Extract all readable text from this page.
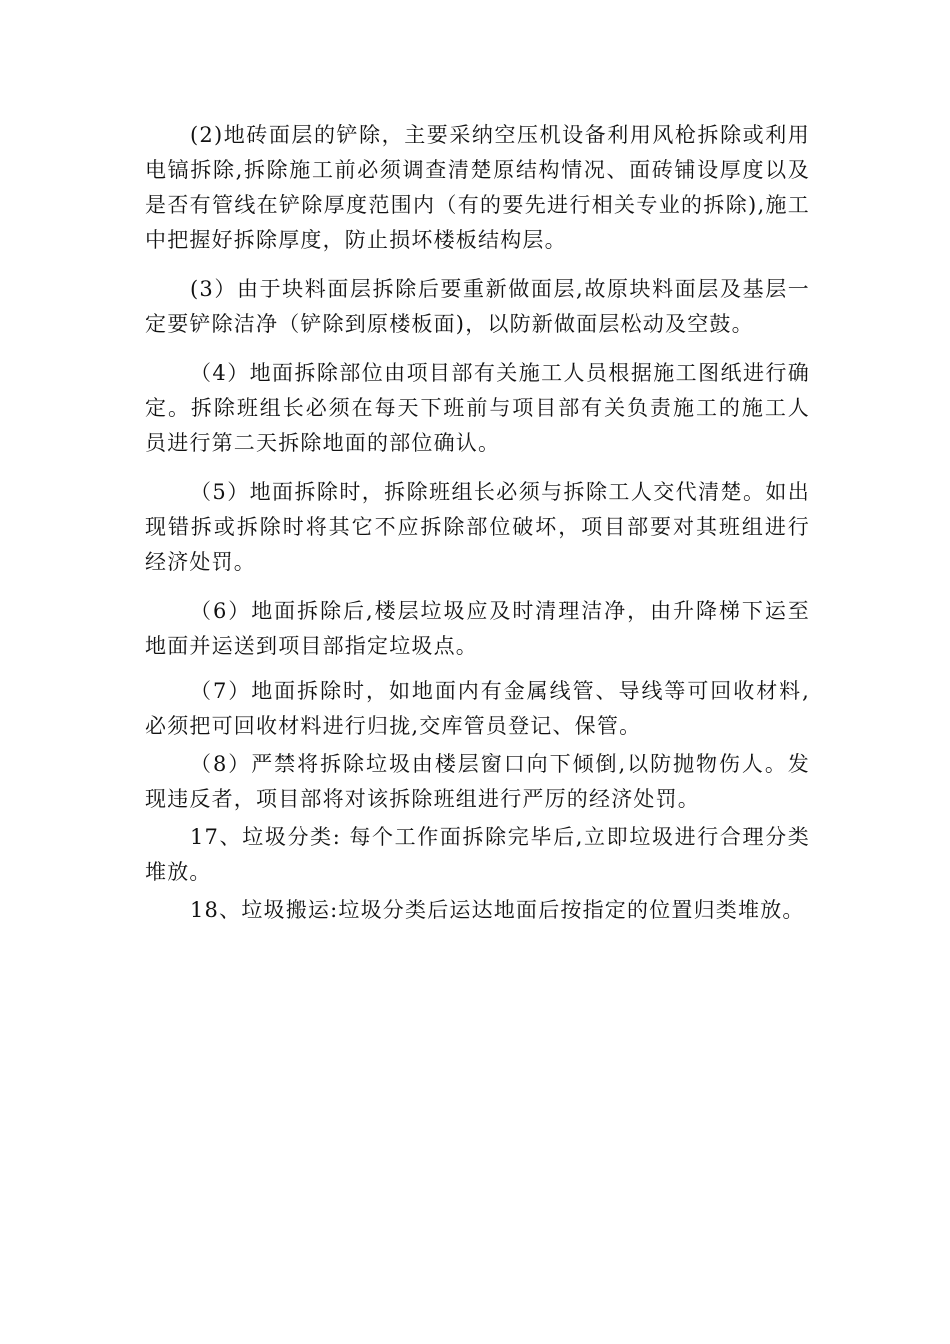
(2)地砖面层的铲除，主要采纳空压机设备利用风枪拆除或利用电镐拆除,拆除施工前必须调查清楚原结构情况、面砖铺设厚度以及是否有管线在铲除厚度范围内（有的要先进行相关专业的拆除),施工中把握好拆除厚度，防止损坏楼板结构层。

(3）由于块料面层拆除后要重新做面层,故原块料面层及基层一定要铲除洁净（铲除到原楼板面)，以防新做面层松动及空鼓。

（4）地面拆除部位由项目部有关施工人员根据施工图纸进行确定。拆除班组长必须在每天下班前与项目部有关负责施工的施工人员进行第二天拆除地面的部位确认。

（5）地面拆除时，拆除班组长必须与拆除工人交代清楚。如出现错拆或拆除时将其它不应拆除部位破坏，项目部要对其班组进行经济处罚。

（6）地面拆除后,楼层垃圾应及时清理洁净，由升降梯下运至地面并运送到项目部指定垃圾点。

（7）地面拆除时，如地面内有金属线管、导线等可回收材料,必须把可回收材料进行归拢,交库管员登记、保管。

（8）严禁将拆除垃圾由楼层窗口向下倾倒,以防抛物伤人。发现违反者，项目部将对该拆除班组进行严厉的经济处罚。

17、垃圾分类: 每个工作面拆除完毕后,立即垃圾进行合理分类堆放。

18、垃圾搬运:垃圾分类后运达地面后按指定的位置归类堆放。
